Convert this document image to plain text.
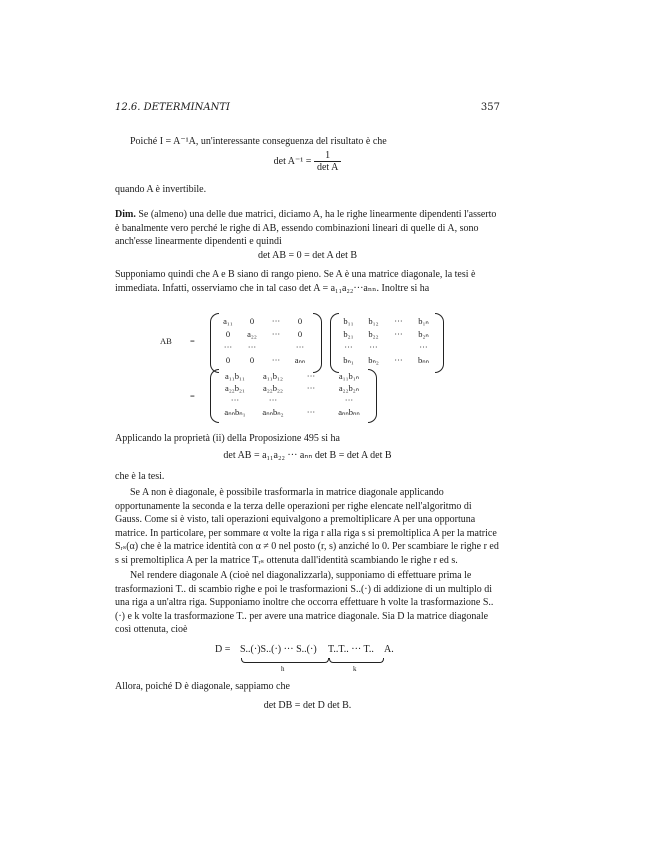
12.6. DETERMINANTI	357
Poiché I = A⁻¹A, un'interessante conseguenza del risultato è che
$\det A^{-1} = \frac{1}{\text{det A}}$
quando A è invertibile.
Dim. Se (almeno) una delle due matrici, diciamo A, ha le righe linearmente dipendenti l'asserto è banalmente vero perché le righe di AB, essendo combinazioni lineari di quelle di A, sono anch'esse linearmente dipendenti e quindi
det AB = 0 = det A det B
Supponiamo quindi che A e B siano di rango pieno. Se A è una matrice diagonale, la tesi è immediata. Infatti, osserviamo che in tal caso det A = a₁₁a₂₂···aₙₙ. Inoltre si ha
AB =
=
a₁₁	0	···	0
0	a₂₂	···	0
···	···	···
0	0	···	aₙₙ
b₁₁	b₁₂	···	b₁ₙ
b₂₁	b₂₂	···	b₂ₙ
···	···	···
bₙ₁	bₙ₂	···	bₙₙ
a₁₁b₁₁	a₁₁b₁₂	···	a₁₁b₁ₙ
a₂₂b₂₁	a₂₂b₂₂	···	a₂₂b₂ₙ
···	···	···
aₙₙbₙ₁	aₙₙbₙ₂	···	aₙₙbₙₙ
Applicando la proprietà (ii) della Proposizione 495 si ha
det AB = a₁₁a₂₂ ··· aₙₙ det B = det A det B
che è la tesi.
Se A non è diagonale, è possibile trasformarla in matrice diagonale applicando opportunamente la seconda e la terza delle operazioni per righe elencate nell'algoritmo di Gauss. Come si è visto, tali operazioni equivalgono a premoltiplicare A per una opportuna matrice. In particolare, per sommare α volte la riga r alla riga s si premoltiplica A per la matrice Sᵣₛ(α) che è la matrice identità con α ≠ 0 nel posto (r, s) anziché lo 0. Per scambiare le righe r ed s si premoltiplica A per la matrice Tᵣₛ ottenuta dall'identità scambiando le righe r ed s.
Nel rendere diagonale A (cioè nel diagonalizzarla), supponiamo di effettuare prima le trasformazioni T.. di scambio righe e poi le trasformazioni S..(·) di addizione di un multiplo di una riga a un'altra riga. Supponiamo inoltre che occorra effettuare h volte la trasformazione S..(·) e k volte la trasformazione T.. per avere una matrice diagonale. Sia D la matrice diagonale così ottenuta, cioè
D = S..(·)S..(·) ··· S..(·) T..T.. ··· T.. A.
h	k
Allora, poiché D è diagonale, sappiamo che
det DB = det D det B.
